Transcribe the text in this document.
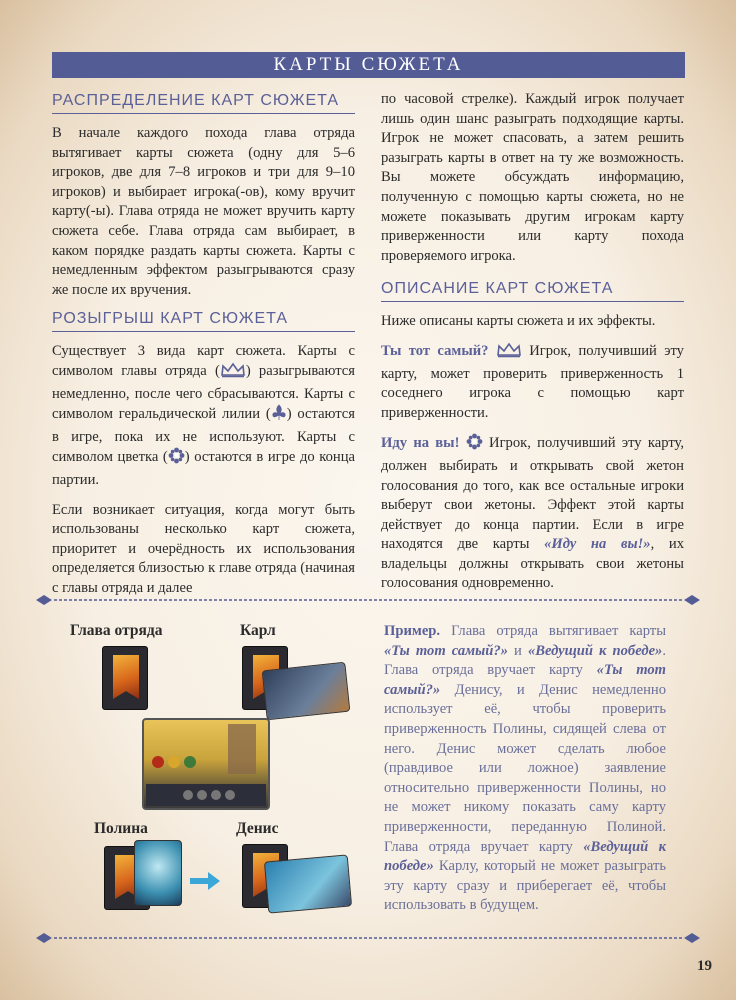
КАРТЫ СЮЖЕТА
РАСПРЕДЕЛЕНИЕ КАРТ СЮЖЕТА

В начале каждого похода глава отряда вытягивает карты сюжета (одну для 5–6 игроков, две для 7–8 игроков и три для 9–10 игроков) и выбирает игрока(-ов), кому вручит карту(-ы). Глава отряда не может вручить карту сюжета себе. Глава отряда сам выбирает, в каком порядке раздать карты сюжета. Карты с немедленным эффектом разыгрываются сразу же после их вручения.

РОЗЫГРЫШ КАРТ СЮЖЕТА

Существует 3 вида карт сюжета. Карты с символом главы отряда ( ) разыгрываются немедленно, после чего сбрасываются. Карты с символом геральдической лилии ( ) остаются в игре, пока их не используют. Карты с символом цветка ( ) остаются в игре до конца партии.

Если возникает ситуация, когда могут быть использованы несколько карт сюжета, приоритет и очерёдность их использования определяется близостью к главе отряда (начиная с главы отряда и далее

по часовой стрелке). Каждый игрок получает лишь один шанс разыграть подходящие карты. Игрок не может спасовать, а затем решить разыграть карты в ответ на ту же возможность. Вы можете обсуждать информацию, полученную с помощью карты сюжета, но не можете показывать другим игрокам карту приверженности или карту похода проверяемого игрока.

ОПИСАНИЕ КАРТ СЮЖЕТА

Ниже описаны карты сюжета и их эффекты.

Ты тот самый?  Игрок, получивший эту карту, может проверить приверженность 1 соседнего игрока с помощью карт приверженности.

Иду на вы!  Игрок, получивший эту карту, должен выбирать и открывать свой жетон голосования до того, как все остальные игроки выберут свои жетоны. Эффект этой карты действует до конца партии. Если в игре находятся две карты «Иду на вы!», их владельцы должны открывать свои жетоны голосования одновременно.

Глава отряда	Карл
Полина	Денис
Пример. Глава отряда вытягивает карты «Ты тот самый?» и «Ведущий к победе». Глава отряда вручает карту «Ты тот самый?» Денису, и Денис немедленно использует её, чтобы проверить приверженность Полины, сидящей слева от него. Денис может сделать любое (правдивое или ложное) заявление относительно приверженности Полины, но не может никому показать саму карту приверженности, переданную Полиной. Глава отряда вручает карту «Ведущий к победе» Карлу, который не может разыграть эту карту сразу и приберегает её, чтобы использовать в будущем.
19
